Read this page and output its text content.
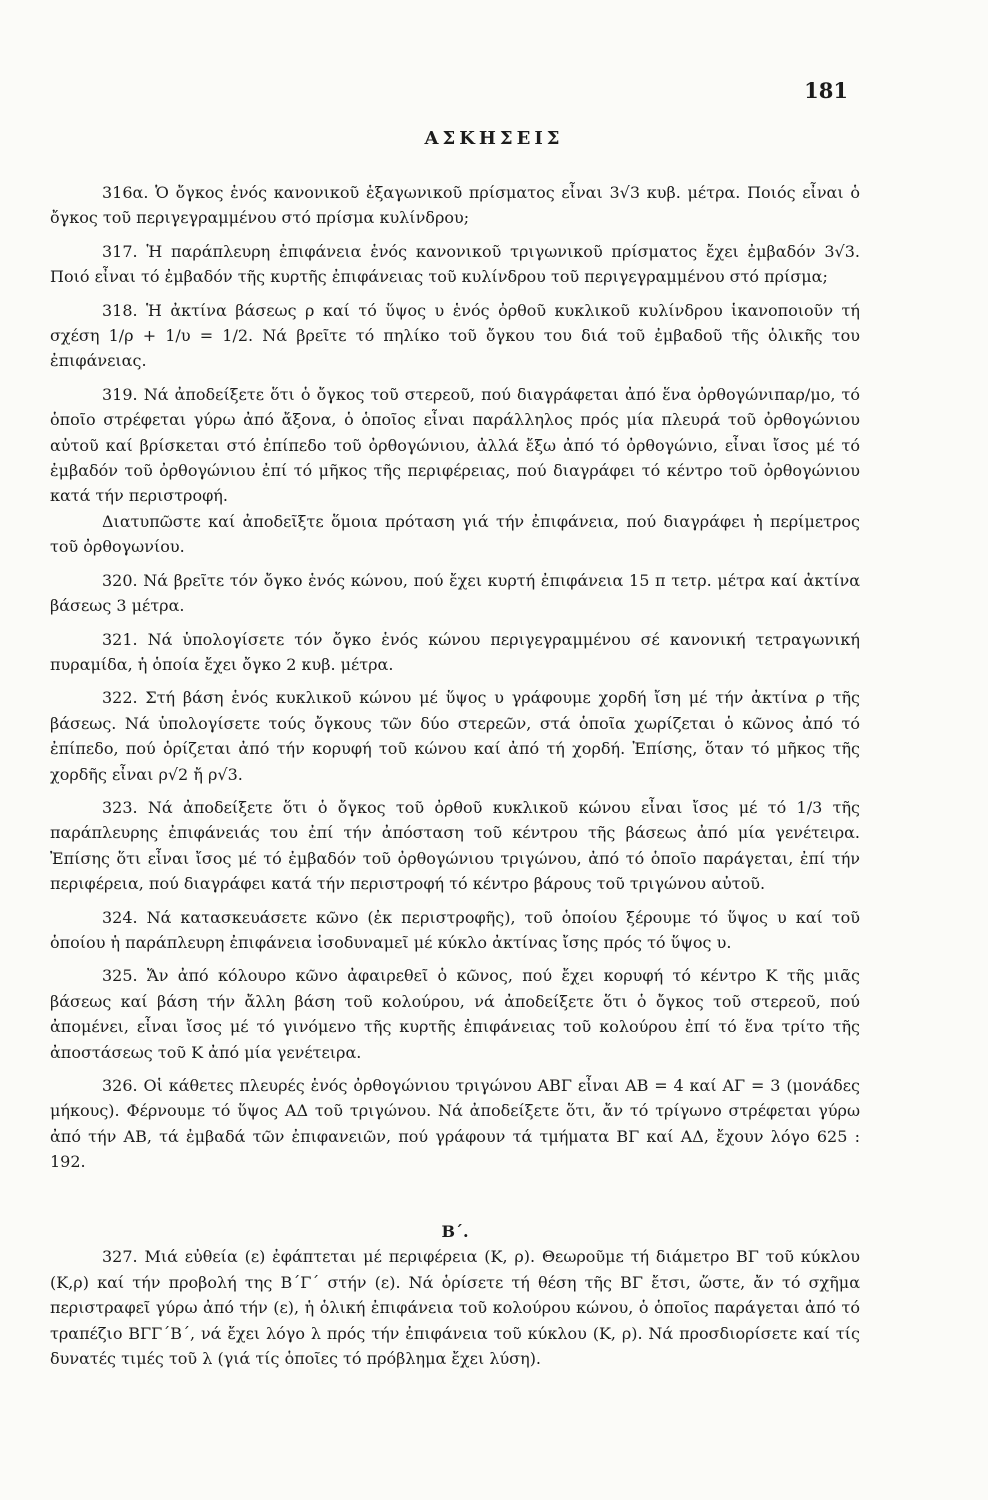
181
ΑΣΚΗΣΕΙΣ

316α. Ὁ ὄγκος ἑνός κανονικοῦ ἑξαγωνικοῦ πρίσματος εἶναι 3√3 κυβ. μέτρα. Ποιός εἶναι ὁ ὄγκος τοῦ περιγεγραμμένου στό πρίσμα κυλίνδρου;

317. Ἡ παράπλευρη ἐπιφάνεια ἑνός κανονικοῦ τριγωνικοῦ πρίσματος ἔχει ἐμβαδόν 3√3. Ποιό εἶναι τό ἐμβαδόν τῆς κυρτῆς ἐπιφάνειας τοῦ κυλίνδρου τοῦ περιγεγραμμένου στό πρίσμα;

318. Ἡ ἀκτίνα βάσεως ρ καί τό ὕψος υ ἑνός ὀρθοῦ κυκλικοῦ κυλίνδρου ἱκανοποιοῦν τή σχέση 1/ρ + 1/υ = 1/2. Νά βρεῖτε τό πηλίκο τοῦ ὄγκου του διά τοῦ ἐμβαδοῦ τῆς ὁλικῆς του ἐπιφάνειας.

319. Νά ἀποδείξετε ὅτι ὁ ὄγκος τοῦ στερεοῦ, πού διαγράφεται ἀπό ἕνα ὀρθογώνιπαρ/μο, τό ὁποῖο στρέφεται γύρω ἀπό ἄξονα, ὁ ὁποῖος εἶναι παράλληλος πρός μία πλευρά τοῦ ὀρθογώνιου αὐτοῦ καί βρίσκεται στό ἐπίπεδο τοῦ ὀρθογώνιου, ἀλλά ἔξω ἀπό τό ὀρθογώνιο, εἶναι ἴσος μέ τό ἐμβαδόν τοῦ ὀρθογώνιου ἐπί τό μῆκος τῆς περιφέρειας, πού διαγράφει τό κέντρο τοῦ ὀρθογώνιου κατά τήν περιστροφή.

Διατυπῶστε καί ἀποδεῖξτε ὅμοια πρόταση γιά τήν ἐπιφάνεια, πού διαγράφει ἡ περίμετρος τοῦ ὀρθογωνίου.

320. Νά βρεῖτε τόν ὄγκο ἑνός κώνου, πού ἔχει κυρτή ἐπιφάνεια 15 π τετρ. μέτρα καί ἀκτίνα βάσεως 3 μέτρα.

321. Νά ὑπολογίσετε τόν ὄγκο ἑνός κώνου περιγεγραμμένου σέ κανονική τετραγωνική πυραμίδα, ἡ ὁποία ἔχει ὄγκο 2 κυβ. μέτρα.

322. Στή βάση ἑνός κυκλικοῦ κώνου μέ ὕψος υ γράφουμε χορδή ἴση μέ τήν ἀκτίνα ρ τῆς βάσεως. Νά ὑπολογίσετε τούς ὄγκους τῶν δύο στερεῶν, στά ὁποῖα χωρίζεται ὁ κῶνος ἀπό τό ἐπίπεδο, πού ὁρίζεται ἀπό τήν κορυφή τοῦ κώνου καί ἀπό τή χορδή. Ἐπίσης, ὅταν τό μῆκος τῆς χορδῆς εἶναι ρ√2 ἤ ρ√3.

323. Νά ἀποδείξετε ὅτι ὁ ὄγκος τοῦ ὀρθοῦ κυκλικοῦ κώνου εἶναι ἴσος μέ τό 1/3 τῆς παράπλευρης ἐπιφάνειάς του ἐπί τήν ἀπόσταση τοῦ κέντρου τῆς βάσεως ἀπό μία γενέτειρα. Ἐπίσης ὅτι εἶναι ἴσος μέ τό ἐμβαδόν τοῦ ὀρθογώνιου τριγώνου, ἀπό τό ὁποῖο παράγεται, ἐπί τήν περιφέρεια, πού διαγράφει κατά τήν περιστροφή τό κέντρο βάρους τοῦ τριγώνου αὐτοῦ.

324. Νά κατασκευάσετε κῶνο (ἐκ περιστροφῆς), τοῦ ὁποίου ξέρουμε τό ὕψος υ καί τοῦ ὁποίου ἡ παράπλευρη ἐπιφάνεια ἰσοδυναμεῖ μέ κύκλο ἀκτίνας ἴσης πρός τό ὕψος υ.

325. Ἄν ἀπό κόλουρο κῶνο ἀφαιρεθεῖ ὁ κῶνος, πού ἔχει κορυφή τό κέντρο Κ τῆς μιᾶς βάσεως καί βάση τήν ἄλλη βάση τοῦ κολούρου, νά ἀποδείξετε ὅτι ὁ ὄγκος τοῦ στερεοῦ, πού ἀπομένει, εἶναι ἴσος μέ τό γινόμενο τῆς κυρτῆς ἐπιφάνειας τοῦ κολούρου ἐπί τό ἕνα τρίτο τῆς ἀποστάσεως τοῦ Κ ἀπό μία γενέτειρα.

326. Οἱ κάθετες πλευρές ἑνός ὀρθογώνιου τριγώνου ΑΒΓ εἶναι ΑΒ = 4 καί ΑΓ = 3 (μονάδες μήκους). Φέρνουμε τό ὕψος ΑΔ τοῦ τριγώνου. Νά ἀποδείξετε ὅτι, ἄν τό τρίγωνο στρέφεται γύρω ἀπό τήν ΑΒ, τά ἐμβαδά τῶν ἐπιφανειῶν, πού γράφουν τά τμήματα ΒΓ καί ΑΔ, ἔχουν λόγο 625 : 192.

Β΄.

327. Μιά εὐθεία (ε) ἐφάπτεται μέ περιφέρεια (Κ, ρ). Θεωροῦμε τή διάμετρο ΒΓ τοῦ κύκλου (Κ,ρ) καί τήν προβολή της Β΄Γ΄ στήν (ε). Νά ὁρίσετε τή θέση τῆς ΒΓ ἔτσι, ὥστε, ἄν τό σχῆμα περιστραφεῖ γύρω ἀπό τήν (ε), ἡ ὁλική ἐπιφάνεια τοῦ κολούρου κώνου, ὁ ὁποῖος παράγεται ἀπό τό τραπέζιο ΒΓΓ΄Β΄, νά ἔχει λόγο λ πρός τήν ἐπιφάνεια τοῦ κύκλου (Κ, ρ). Νά προσδιορίσετε καί τίς δυνατές τιμές τοῦ λ (γιά τίς ὁποῖες τό πρόβλημα ἔχει λύση).
